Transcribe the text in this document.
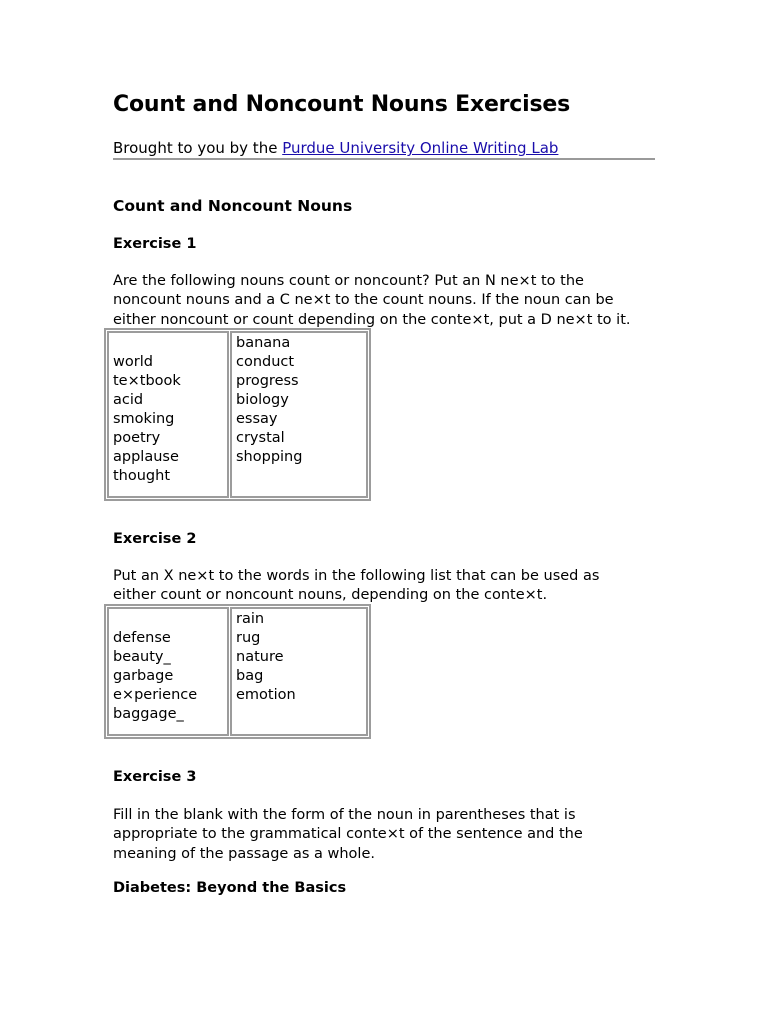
Count and Noncount Nouns Exercises
Brought to you by the Purdue University Online Writing Lab
Count and Noncount Nouns
Exercise 1
Are the following nouns count or noncount? Put an N ne×t to the
noncount nouns and a C ne×t to the count nouns. If the noun can be
either noncount or count depending on the conte×t, put a D ne×t to it.
world
te×tbook
acid
smoking
poetry
applause
thought

banana
conduct
progress
biology
essay
crystal
shopping
Exercise 2
Put an X ne×t to the words in the following list that can be used as
either count or noncount nouns, depending on the conte×t.
defense
beauty_
garbage
e×perience
baggage_

rain
rug
nature
bag
emotion
Exercise 3
Fill in the blank with the form of the noun in parentheses that is
appropriate to the grammatical conte×t of the sentence and the
meaning of the passage as a whole.
Diabetes: Beyond the Basics
